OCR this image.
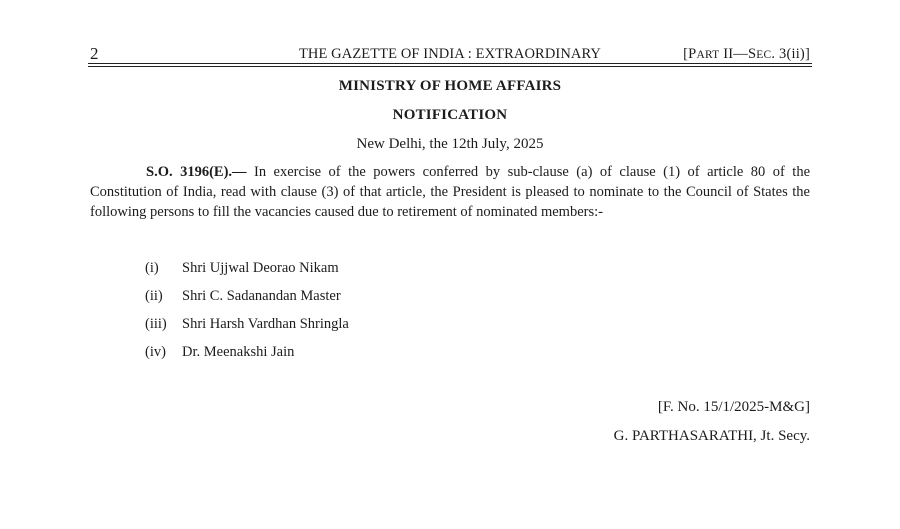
2	THE GAZETTE OF INDIA : EXTRAORDINARY	[PART II—SEC. 3(ii)]
MINISTRY OF HOME AFFAIRS
NOTIFICATION
New Delhi, the 12th July, 2025

S.O. 3196(E).— In exercise of the powers conferred by sub-clause (a) of clause (1) of article 80 of the Constitution of India, read with clause (3) of that article, the President is pleased to nominate to the Council of States the following persons to fill the vacancies caused due to retirement of nominated members:-

(i) Shri Ujjwal Deorao Nikam
(ii) Shri C. Sadanandan Master
(iii) Shri Harsh Vardhan Shringla
(iv) Dr. Meenakshi Jain
[F. No. 15/1/2025-M&G]
G. PARTHASARATHI, Jt. Secy.
